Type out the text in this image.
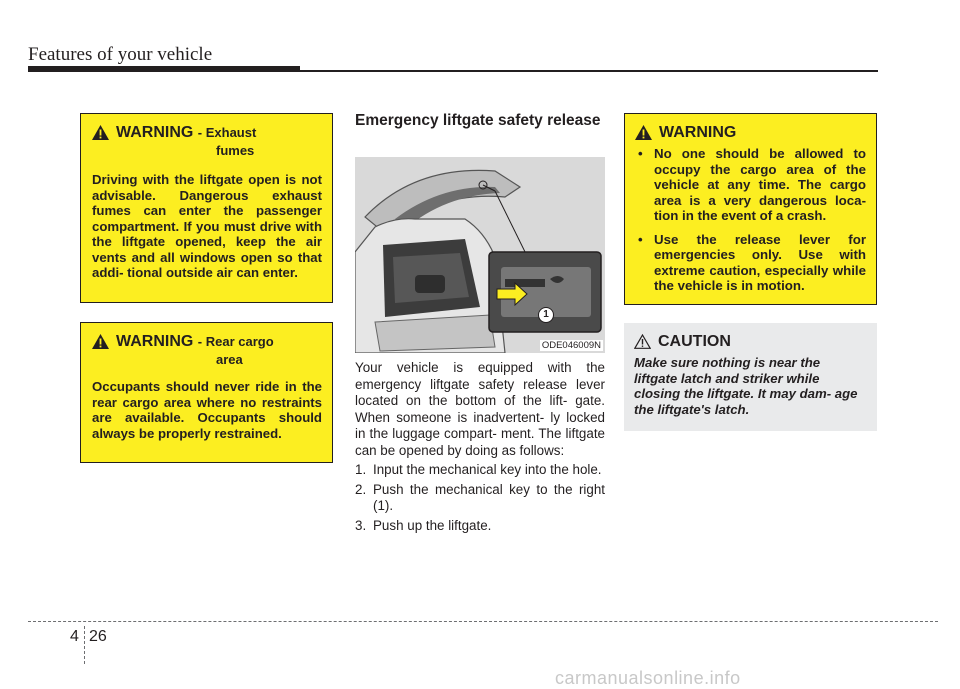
Features of your vehicle
WARNING - Exhaust
fumes
Driving with the liftgate open is not advisable. Dangerous exhaust fumes can enter the passenger compartment. If you must drive with the liftgate opened, keep the air vents and all windows open so that addi- tional outside air can enter.
WARNING - Rear cargo
area
Occupants should never ride in the rear cargo area where no restraints are available. Occupants should always be properly restrained.
Emergency liftgate safety release
1
ODE046009N

Your vehicle is equipped with the emergency liftgate safety release lever located on the bottom of the lift- gate. When someone is inadvertent- ly locked in the luggage compart- ment. The liftgate can be opened by doing as follows:

1. Input the mechanical key into the hole.
2. Push the mechanical key to the right (1).
3. Push up the liftgate.
WARNING
• No one should be allowed to occupy the cargo area of the vehicle at any time. The cargo area is a very dangerous loca- tion in the event of a crash.
• Use the release lever for emergencies only. Use with extreme caution, especially while the vehicle is in motion.
CAUTION
Make sure nothing is near the liftgate latch and striker while closing the liftgate. It may dam- age the liftgate's latch.
4 26
carmanualsonline.info
